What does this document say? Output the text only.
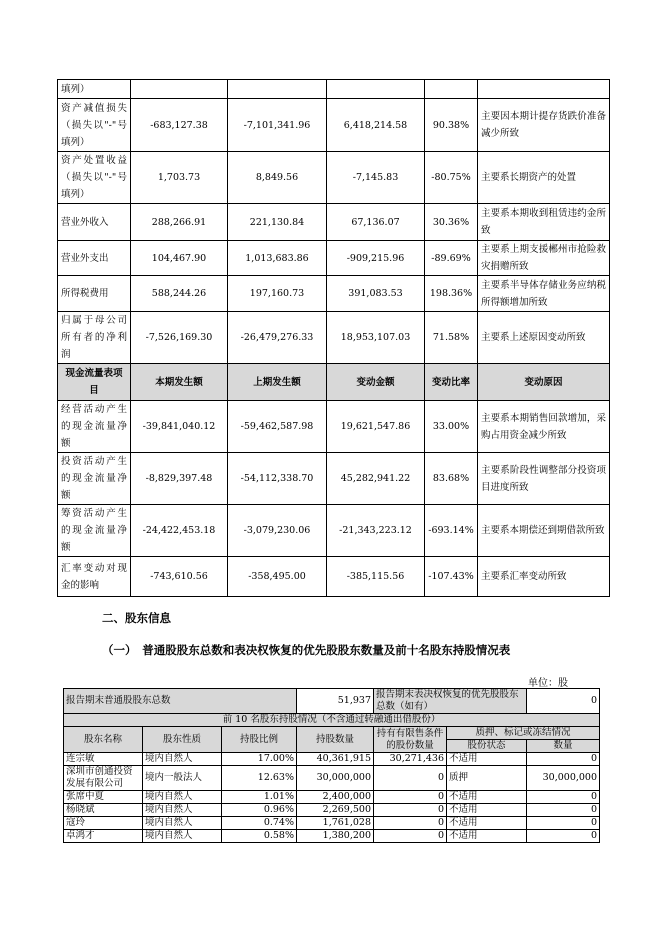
填列）					

资产减值损失
（损失以"-"号
填列）	-683,127.38	-7,101,341.96	6,418,214.58	90.38%	主要因本期计提存货跌价准备减少所致

资产处置收益
（损失以"-"号
填列）	1,703.73	8,849.56	-7,145.83	-80.75%	主要系长期资产的处置

营业外收入	288,266.91	221,130.84	67,136.07	30.36%	主要系本期收到租赁违约金所致

营业外支出	104,467.90	1,013,683.86	-909,215.96	-89.69%	主要系上期支援郴州市抢险救灾捐赠所致

所得税费用	588,244.26	197,160.73	391,083.53	198.36%	主要系半导体存储业务应纳税所得额增加所致

归属于母公司
所有者的净利
润	-7,526,169.30	-26,479,276.33	18,953,107.03	71.58%	主要系上述原因变动所致
现金流量表项目	本期发生额	上期发生额	变动金额	变动比率	变动原因

经营活动产生
的现金流量净
额	-39,841,040.12	-59,462,587.98	19,621,547.86	33.00%	主要系本期销售回款增加，采购占用资金减少所致

投资活动产生
的现金流量净
额	-8,829,397.48	-54,112,338.70	45,282,941.22	83.68%	主要系阶段性调整部分投资项目进度所致

筹资活动产生
的现金流量净
额	-24,422,453.18	-3,079,230.06	-21,343,223.12	-693.14%	主要系本期偿还到期借款所致

汇率变动对现
金的影响	-743,610.56	-358,495.00	-385,115.56	-107.43%	主要系汇率变动所致
二、股东信息
（一）　普通股股东总数和表决权恢复的优先股股东数量及前十名股东持股情况表
单位：股
报告期末普通股股东总数			51,937	报告期末表决权恢复的优先股股东总数（如有）		0
前 10 名股东持股情况（不含通过转融通出借股份）						
股东名称	股东性质	持股比例	持股数量	持有有限售条件的股份数量	质押、标记或冻结情况	
					股份状态	数量
连宗敏	境内自然人	17.00%	40,361,915	30,271,436	不适用	0
深圳市创通投资发展有限公司	境内一般法人	12.63%	30,000,000	0	质押	30,000,000
张席中夏	境内自然人	1.01%	2,400,000	0	不适用	0
杨晓斌	境内自然人	0.96%	2,269,500	0	不适用	0
寇玲	境内自然人	0.74%	1,761,028	0	不适用	0
卓鸿才	境内自然人	0.58%	1,380,200	0	不适用	0
